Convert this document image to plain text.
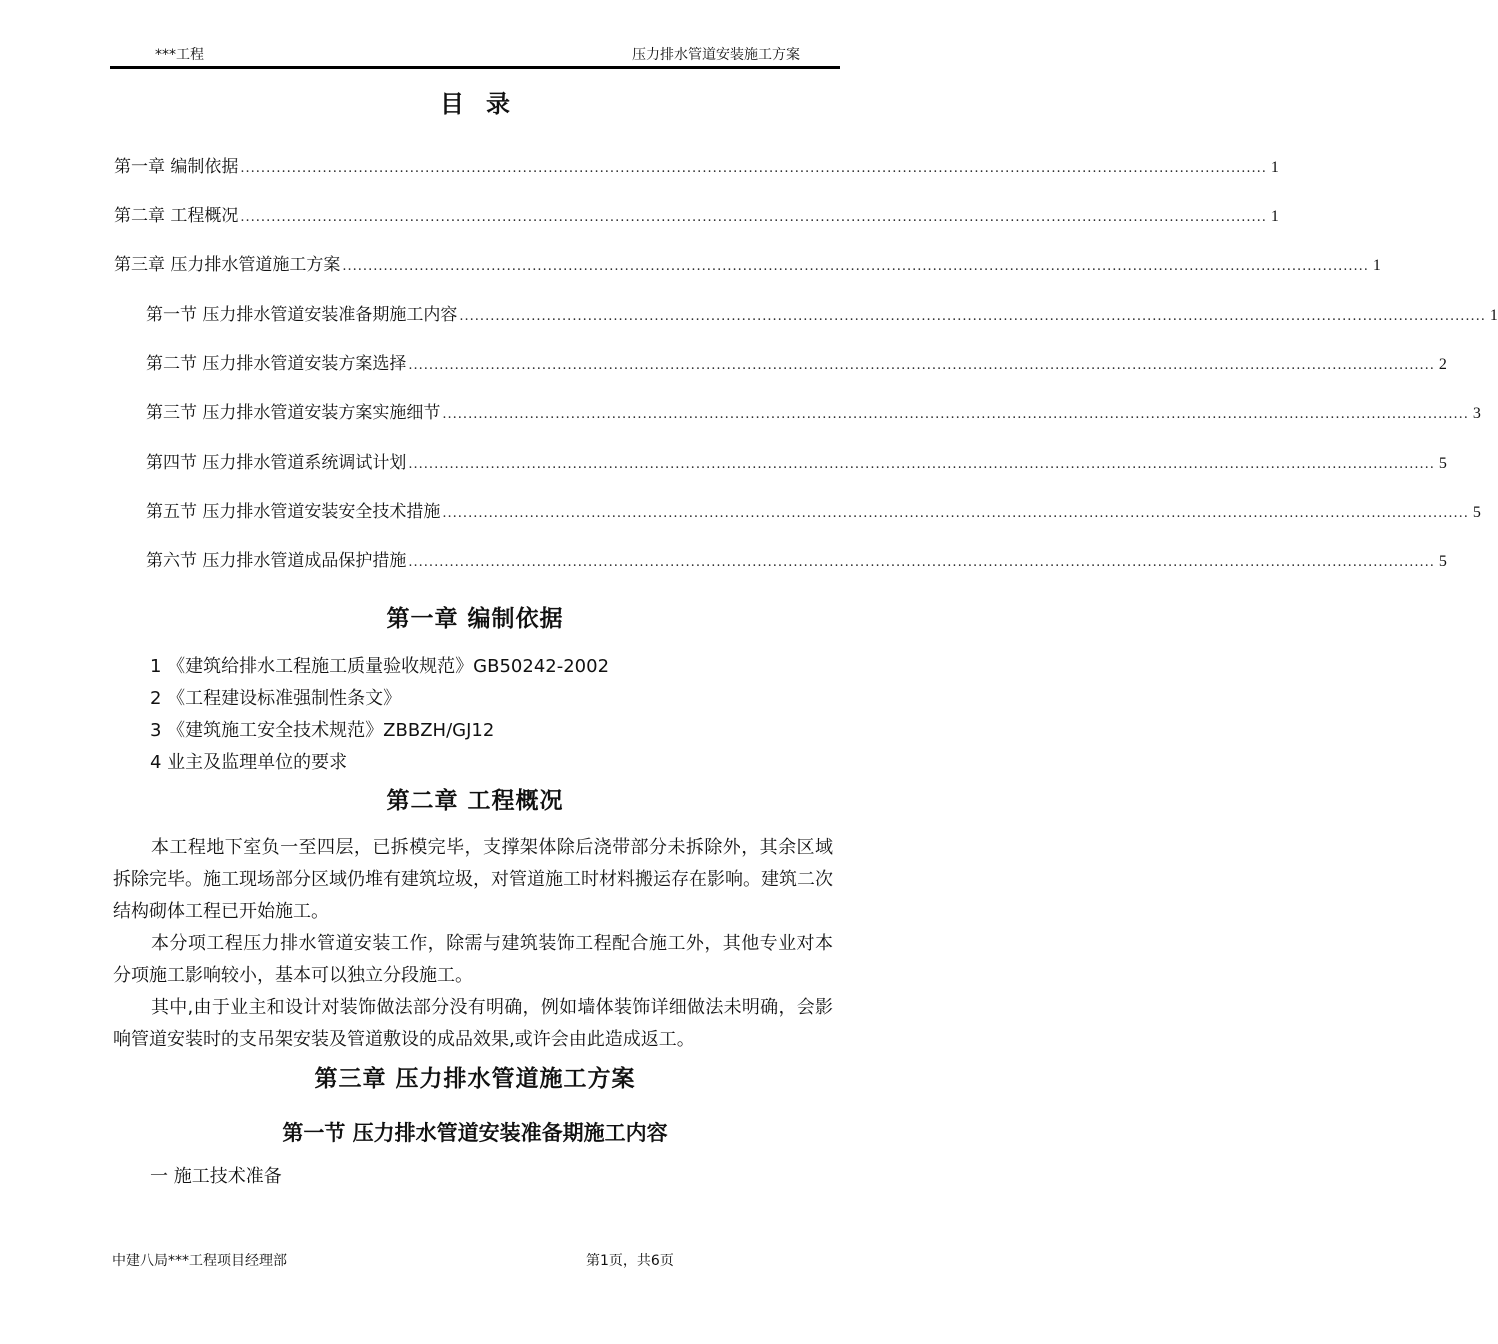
***工程	压力排水管道安装施工方案
目录
第一章 编制依据 ........................................................................................................................................................................................................ 1
第二章 工程概况 ........................................................................................................................................................................................................ 1
第三章 压力排水管道施工方案 ........................................................................................................................................................................................................ 1
第一节 压力排水管道安装准备期施工内容 ........................................................................................................................................................................................................ 1
第二节 压力排水管道安装方案选择 ........................................................................................................................................................................................................ 2
第三节 压力排水管道安装方案实施细节 ........................................................................................................................................................................................................ 3
第四节 压力排水管道系统调试计划 ........................................................................................................................................................................................................ 5
第五节 压力排水管道安装安全技术措施 ........................................................................................................................................................................................................ 5
第六节 压力排水管道成品保护措施 ........................................................................................................................................................................................................ 5
第一章 编制依据
1 《建筑给排水工程施工质量验收规范》GB50242-2002
2 《工程建设标准强制性条文》
3 《建筑施工安全技术规范》ZBBZH/GJ12
4 业主及监理单位的要求
第二章 工程概况

本工程地下室负一至四层，已拆模完毕，支撑架体除后浇带部分未拆除外，其余区域拆除完毕。施工现场部分区域仍堆有建筑垃圾，对管道施工时材料搬运存在影响。建筑二次结构砌体工程已开始施工。

本分项工程压力排水管道安装工作，除需与建筑装饰工程配合施工外，其他专业对本分项施工影响较小，基本可以独立分段施工。

其中,由于业主和设计对装饰做法部分没有明确，例如墙体装饰详细做法未明确，会影响管道安装时的支吊架安装及管道敷设的成品效果,或许会由此造成返工。

第三章 压力排水管道施工方案
第一节 压力排水管道安装准备期施工内容
一 施工技术准备
中建八局***工程项目经理部	第1页，共6页
